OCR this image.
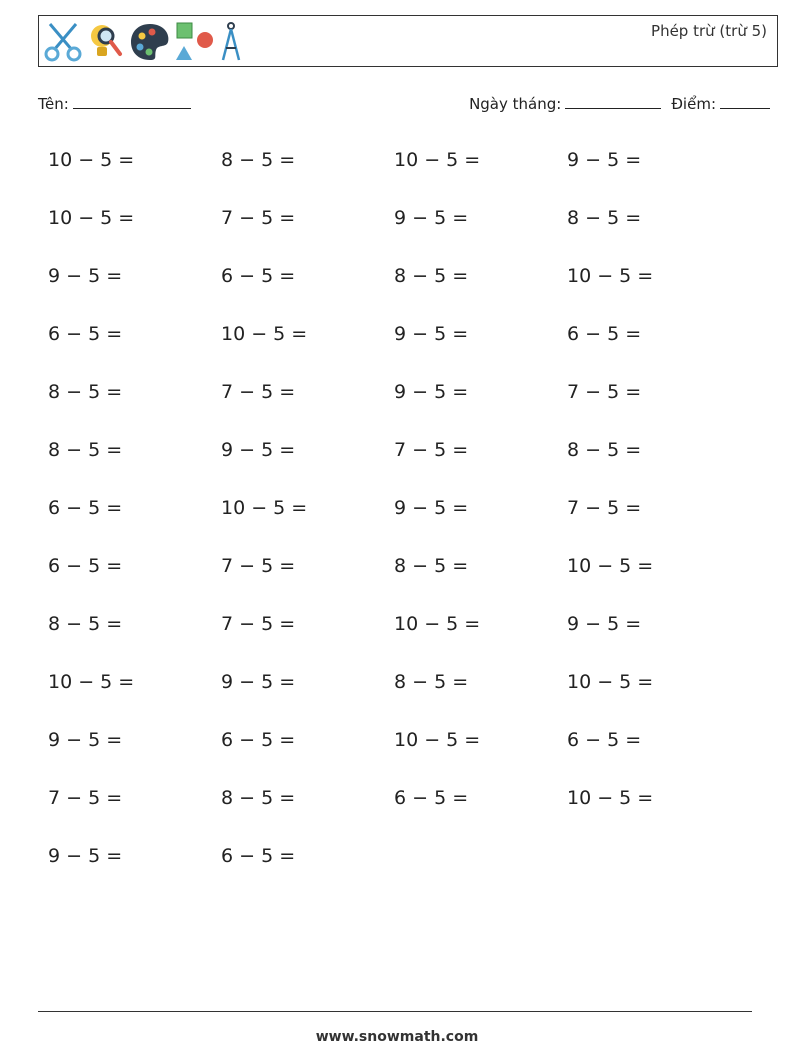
Phép trừ (trừ 5)
Tên:	Ngày tháng:	Điểm:
10 − 5 =	8 − 5 =	10 − 5 =	9 − 5 =
10 − 5 =	7 − 5 =	9 − 5 =	8 − 5 =
9 − 5 =	6 − 5 =	8 − 5 =	10 − 5 =
6 − 5 =	10 − 5 =	9 − 5 =	6 − 5 =
8 − 5 =	7 − 5 =	9 − 5 =	7 − 5 =
8 − 5 =	9 − 5 =	7 − 5 =	8 − 5 =
6 − 5 =	10 − 5 =	9 − 5 =	7 − 5 =
6 − 5 =	7 − 5 =	8 − 5 =	10 − 5 =
8 − 5 =	7 − 5 =	10 − 5 =	9 − 5 =
10 − 5 =	9 − 5 =	8 − 5 =	10 − 5 =
9 − 5 =	6 − 5 =	10 − 5 =	6 − 5 =
7 − 5 =	8 − 5 =	6 − 5 =	10 − 5 =
9 − 5 =	6 − 5 =
www.snowmath.com
